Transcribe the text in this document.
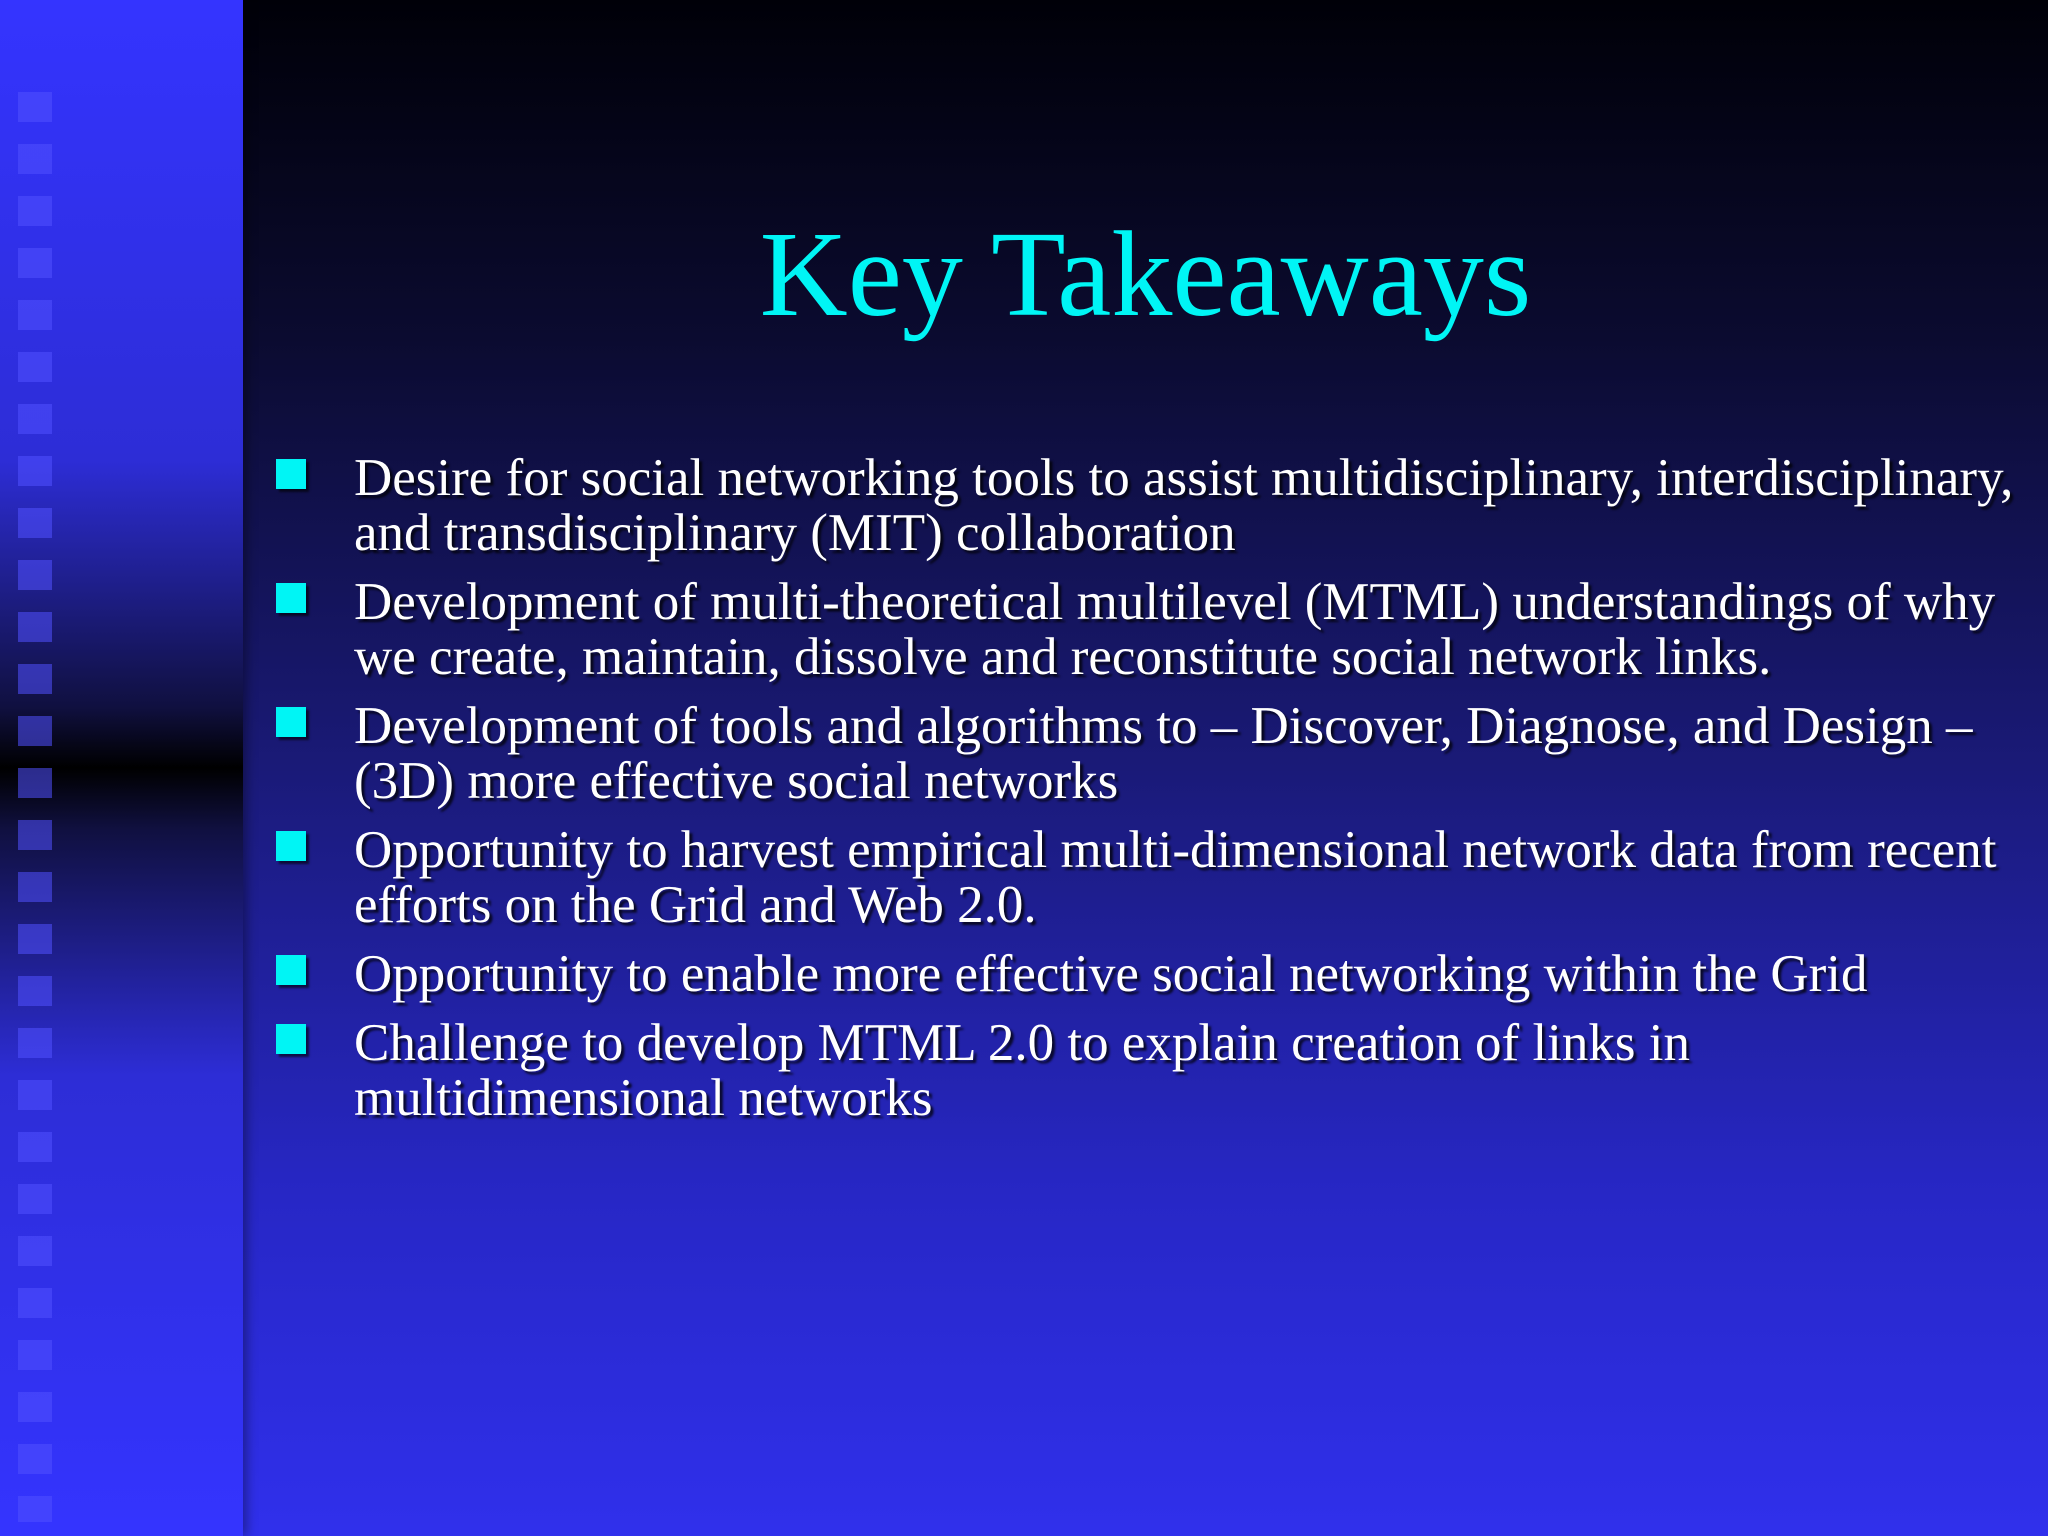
Key Takeaways
Desire for social networking tools to assist multidisciplinary, interdisciplinary, and transdisciplinary (MIT) collaboration
Development of multi-theoretical multilevel (MTML) understandings of why we create, maintain, dissolve and reconstitute social network links.
Development of tools and algorithms to – Discover, Diagnose, and Design – (3D) more effective social networks
Opportunity to harvest empirical multi-dimensional network data from recent efforts on the Grid and Web 2.0.
Opportunity to enable more effective social networking within the Grid
Challenge to develop MTML 2.0 to explain creation of links in multidimensional networks
